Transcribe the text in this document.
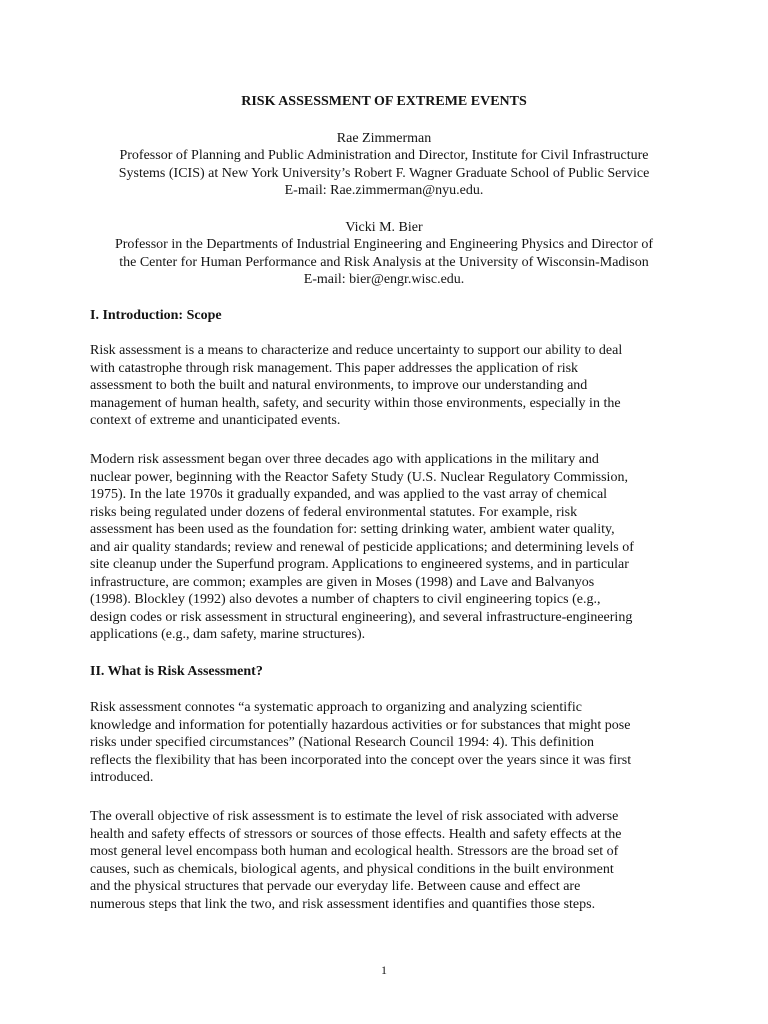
RISK ASSESSMENT OF EXTREME EVENTS
Rae Zimmerman
Professor of Planning and Public Administration and Director, Institute for Civil Infrastructure
Systems (ICIS) at New York University’s Robert F. Wagner Graduate School of Public Service
E-mail: Rae.zimmerman@nyu.edu.
Vicki M. Bier
Professor in the Departments of Industrial Engineering and Engineering Physics and Director of
the Center for Human Performance and Risk Analysis at the University of Wisconsin-Madison
E-mail: bier@engr.wisc.edu.
I. Introduction: Scope
Risk assessment is a means to characterize and reduce uncertainty to support our ability to deal
with catastrophe through risk management. This paper addresses the application of risk
assessment to both the built and natural environments, to improve our understanding and
management of human health, safety, and security within those environments, especially in the
context of extreme and unanticipated events.
Modern risk assessment began over three decades ago with applications in the military and
nuclear power, beginning with the Reactor Safety Study (U.S. Nuclear Regulatory Commission,
1975). In the late 1970s it gradually expanded, and was applied to the vast array of chemical
risks being regulated under dozens of federal environmental statutes. For example, risk
assessment has been used as the foundation for: setting drinking water, ambient water quality,
and air quality standards; review and renewal of pesticide applications; and determining levels of
site cleanup under the Superfund program. Applications to engineered systems, and in particular
infrastructure, are common; examples are given in Moses (1998) and Lave and Balvanyos
(1998). Blockley (1992) also devotes a number of chapters to civil engineering topics (e.g.,
design codes or risk assessment in structural engineering), and several infrastructure-engineering
applications (e.g., dam safety, marine structures).
II. What is Risk Assessment?
Risk assessment connotes “a systematic approach to organizing and analyzing scientific
knowledge and information for potentially hazardous activities or for substances that might pose
risks under specified circumstances” (National Research Council 1994: 4). This definition
reflects the flexibility that has been incorporated into the concept over the years since it was first
introduced.
The overall objective of risk assessment is to estimate the level of risk associated with adverse
health and safety effects of stressors or sources of those effects. Health and safety effects at the
most general level encompass both human and ecological health. Stressors are the broad set of
causes, such as chemicals, biological agents, and physical conditions in the built environment
and the physical structures that pervade our everyday life. Between cause and effect are
numerous steps that link the two, and risk assessment identifies and quantifies those steps.
1
